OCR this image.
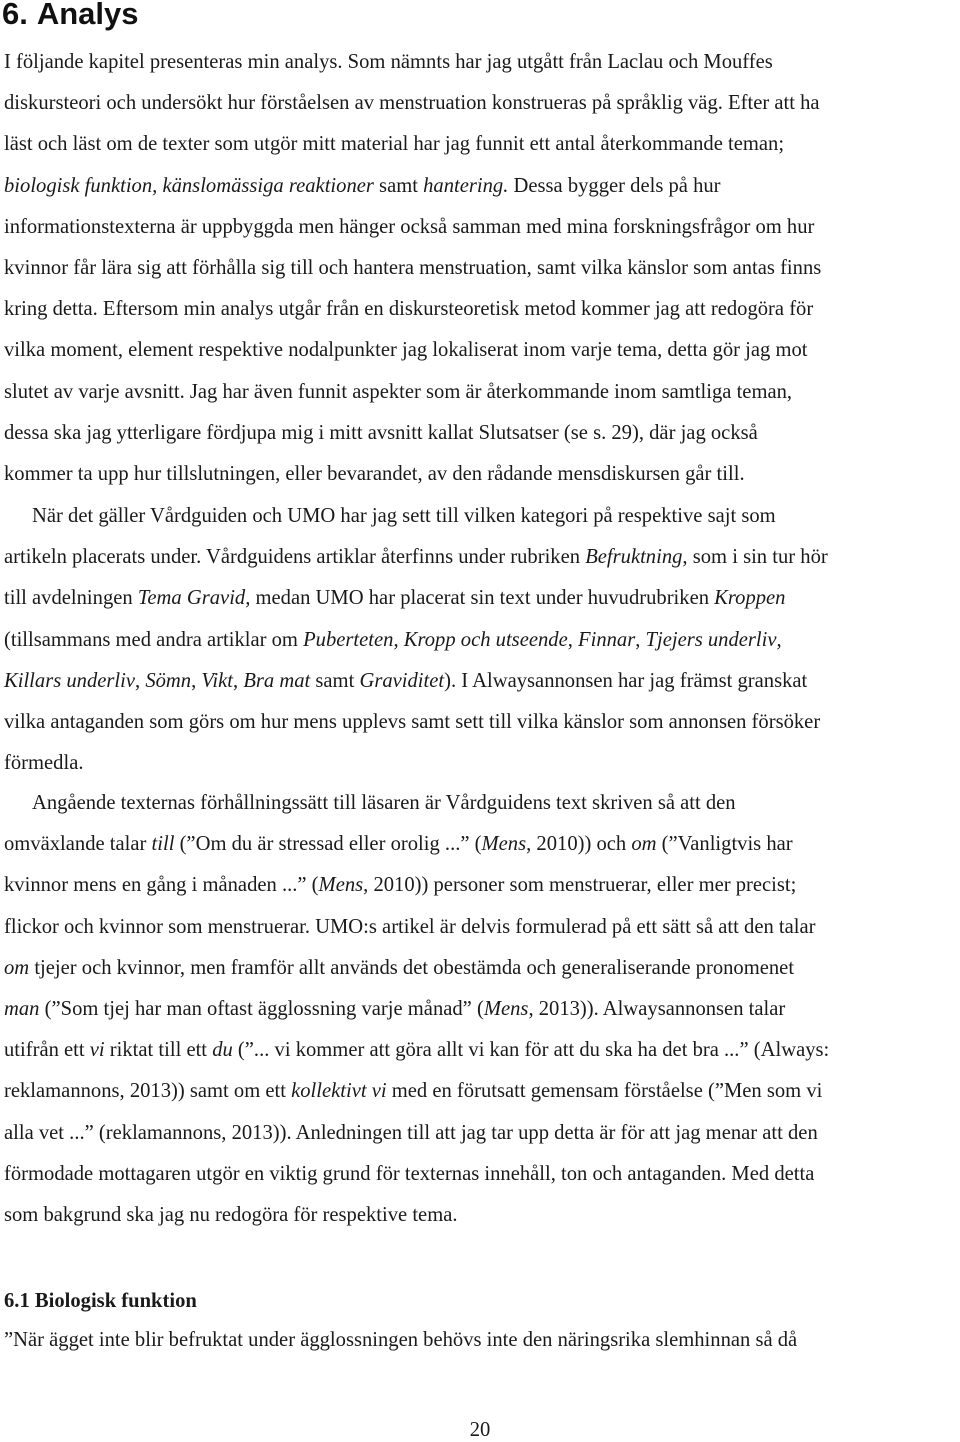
6. Analys
I följande kapitel presenteras min analys. Som nämnts har jag utgått från Laclau och Mouffes
diskursteori och undersökt hur förståelsen av menstruation konstrueras på språklig väg. Efter att ha
läst och läst om de texter som utgör mitt material har jag funnit ett antal återkommande teman;
biologisk funktion, känslomässiga reaktioner samt hantering. Dessa bygger dels på hur
informationstexterna är uppbyggda men hänger också samman med mina forskningsfrågor om hur
kvinnor får lära sig att förhålla sig till och hantera menstruation, samt vilka känslor som antas finns
kring detta. Eftersom min analys utgår från en diskursteoretisk metod kommer jag att redogöra för
vilka moment, element respektive nodalpunkter jag lokaliserat inom varje tema, detta gör jag mot
slutet av varje avsnitt. Jag har även funnit aspekter som är återkommande inom samtliga teman,
dessa ska jag ytterligare fördjupa mig i mitt avsnitt kallat Slutsatser (se s. 29), där jag också
kommer ta upp hur tillslutningen, eller bevarandet, av den rådande mensdiskursen går till.
När det gäller Vårdguiden och UMO har jag sett till vilken kategori på respektive sajt som
artikeln placerats under. Vårdguidens artiklar återfinns under rubriken Befruktning, som i sin tur hör
till avdelningen Tema Gravid, medan UMO har placerat sin text under huvudrubriken Kroppen
(tillsammans med andra artiklar om Puberteten, Kropp och utseende, Finnar, Tjejers underliv,
Killars underliv, Sömn, Vikt, Bra mat samt Graviditet). I Alwaysannonsen har jag främst granskat
vilka antaganden som görs om hur mens upplevs samt sett till vilka känslor som annonsen försöker
förmedla.
Angående texternas förhållningssätt till läsaren är Vårdguidens text skriven så att den
omväxlande talar till (”Om du är stressad eller orolig ...” (Mens, 2010)) och om (”Vanligtvis har
kvinnor mens en gång i månaden ...” (Mens, 2010)) personer som menstruerar, eller mer precist;
flickor och kvinnor som menstruerar. UMO:s artikel är delvis formulerad på ett sätt så att den talar
om tjejer och kvinnor, men framför allt används det obestämda och generaliserande pronomenet
man (”Som tjej har man oftast ägglossning varje månad” (Mens, 2013)). Alwaysannonsen talar
utifrån ett vi riktat till ett du (”... vi kommer att göra allt vi kan för att du ska ha det bra ...” (Always:
reklamannons, 2013)) samt om ett kollektivt vi med en förutsatt gemensam förståelse (”Men som vi
alla vet ...” (reklamannons, 2013)). Anledningen till att jag tar upp detta är för att jag menar att den
förmodade mottagaren utgör en viktig grund för texternas innehåll, ton och antaganden. Med detta
som bakgrund ska jag nu redogöra för respektive tema.
6.1 Biologisk funktion
”När ägget inte blir befruktat under ägglossningen behövs inte den näringsrika slemhinnan så då
20
